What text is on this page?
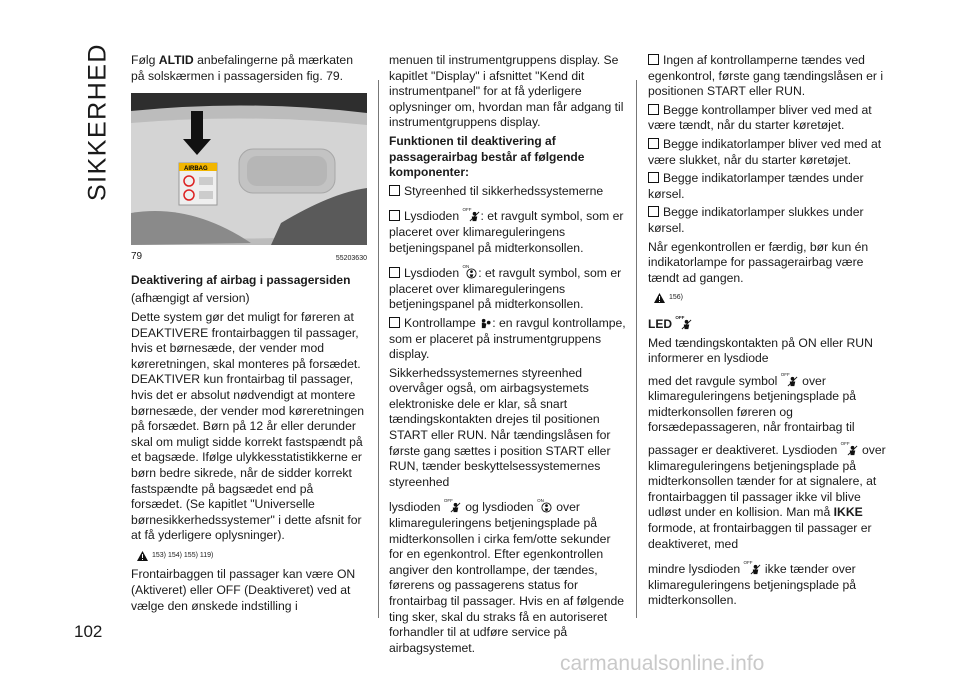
SIKKERHED
102

Følg ALTID anbefalingerne på mærkaten på solskærmen i passagersiden fig. 79.

AIRBAG
79	55203630

Deaktivering af airbag i passagersiden

(afhængigt af version)

Dette system gør det muligt for føreren at DEAKTIVERE frontairbaggen til passager, hvis et børnesæde, der vender mod køreretningen, skal monteres på forsædet. DEAKTIVER kun frontairbag til passager, hvis det er absolut nødvendigt at montere børnesæde, der vender mod køreretningen på forsædet. Børn på 12 år eller derunder skal om muligt sidde korrekt fastspændt på et bagsæde. Ifølge ulykkesstatistikkerne er børn bedre sikrede, når de sidder korrekt fastspændte på bagsædet end på forsædet. (Se kapitlet "Universelle børnesikkerhedssystemer" i dette afsnit for at få yderligere oplysninger).

153) 154) 155) 119)

Frontairbaggen til passager kan være ON (Aktiveret) eller OFF (Deaktiveret) ved at vælge den ønskede indstilling i

menuen til instrumentgruppens display. Se kapitlet "Display" i afsnittet "Kend dit instrumentpanel" for at få yderligere oplysninger om, hvordan man får adgang til instrumentgruppens display.

Funktionen til deaktivering af passagerairbag består af følgende komponenter:

Styreenhed til sikkerhedssystemerne

Lysdioden $^{OFF}$ : et ravgult symbol, som er placeret over klimareguleringens betjeningspanel på midterkonsollen.

Lysdioden $^{ON}$ : et ravgult symbol, som er placeret over klimareguleringens betjeningspanel på midterkonsollen.

Kontrollampe : en ravgul kontrollampe, som er placeret på instrumentgruppens display.

Sikkerhedssystemernes styreenhed overvåger også, om airbagsystemets elektroniske dele er klar, så snart tændingskontakten drejes til positionen START eller RUN. Når tændingslåsen for første gang sættes i position START eller RUN, tænder beskyttelsessystemernes styreenhed

lysdioden $^{OFF}$ og lysdioden $^{ON}$ over klimareguleringens betjeningsplade på midterkonsollen i cirka fem/otte sekunder for en egenkontrol. Efter egenkontrollen angiver den kontrollampe, der tændes, førerens og passagerens status for frontairbag til passager. Hvis en af følgende ting sker, skal du straks få en autoriseret forhandler til at udføre service på airbagsystemet.

Ingen af kontrollamperne tændes ved egenkontrol, første gang tændingslåsen er i positionen START eller RUN.

Begge kontrollamper bliver ved med at være tændt, når du starter køretøjet.

Begge indikatorlamper bliver ved med at være slukket, når du starter køretøjet.

Begge indikatorlamper tændes under kørsel.

Begge indikatorlamper slukkes under kørsel.

Når egenkontrollen er færdig, bør kun én indikatorlampe for passagerairbag være tændt ad gangen.

156)

LED $^{OFF}$

Med tændingskontakten på ON eller RUN informerer en lysdiode
med det ravgule symbol $^{OFF}$ over klimareguleringens betjeningsplade på midterkonsollen føreren og forsædepassageren, når frontairbag til passager er deaktiveret. Lysdioden $^{OFF}$ over klimareguleringens betjeningsplade på midterkonsollen tænder for at signalere, at frontairbaggen til passager ikke vil blive udløst under en kollision. Man må IKKE formode, at frontairbaggen til passager er deaktiveret, med

mindre lysdioden $^{OFF}$ ikke tænder over klimareguleringens betjeningsplade på midterkonsollen.

carmanualsonline.info
